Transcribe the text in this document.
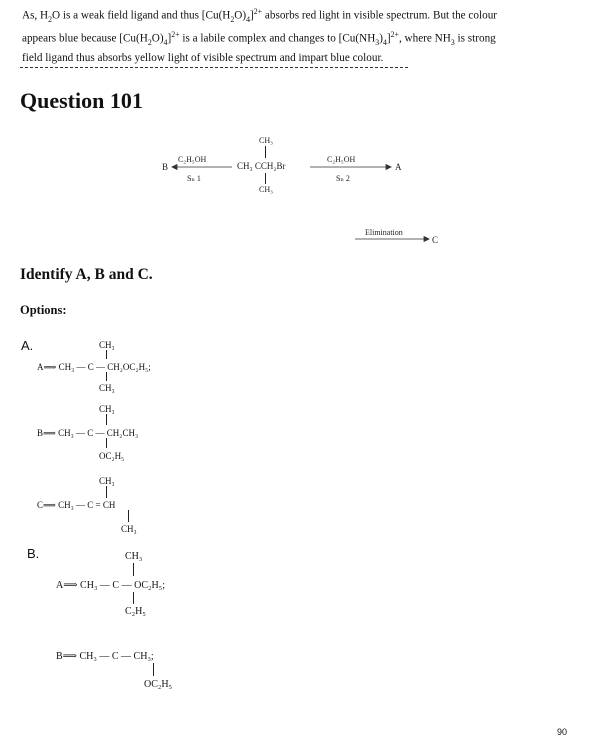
As, $H_2O$ is a weak field ligand and thus $[Cu(H_2O)_4]^{2+}$ absorbs red light in visible spectrum. But the colour
appears blue because $[Cu(H_2O)_4]^{2+}$ is a labile complex and changes to $[Cu(NH_3)_4]^{2+}$, where $NH_3$ is strong
field ligand thus absorbs yellow light of visible spectrum and impart blue colour.
Question 101
CH₃
CH₃ CCH₂Br
CH₃
B
C₂H₅OH
Sₙ 1
C₂H₅OH
Sₙ 2
A
Elimination
C
Identify A, B and C.
Options:
A.	CH₃
A⟹ CH₃ — C — CH₂OC₂H₅;
CH₃
CH₃
B⟹ CH₃ — C — CH₂CH₃
OC₂H₅
CH₃
C⟹ CH₃ — C = CH
CH₃
B.	CH₃
A⟹ CH₃ — C — OC₂H₅;
C₂H₅
B⟹ CH₃ — C — CH₃;
OC₂H₅
90
